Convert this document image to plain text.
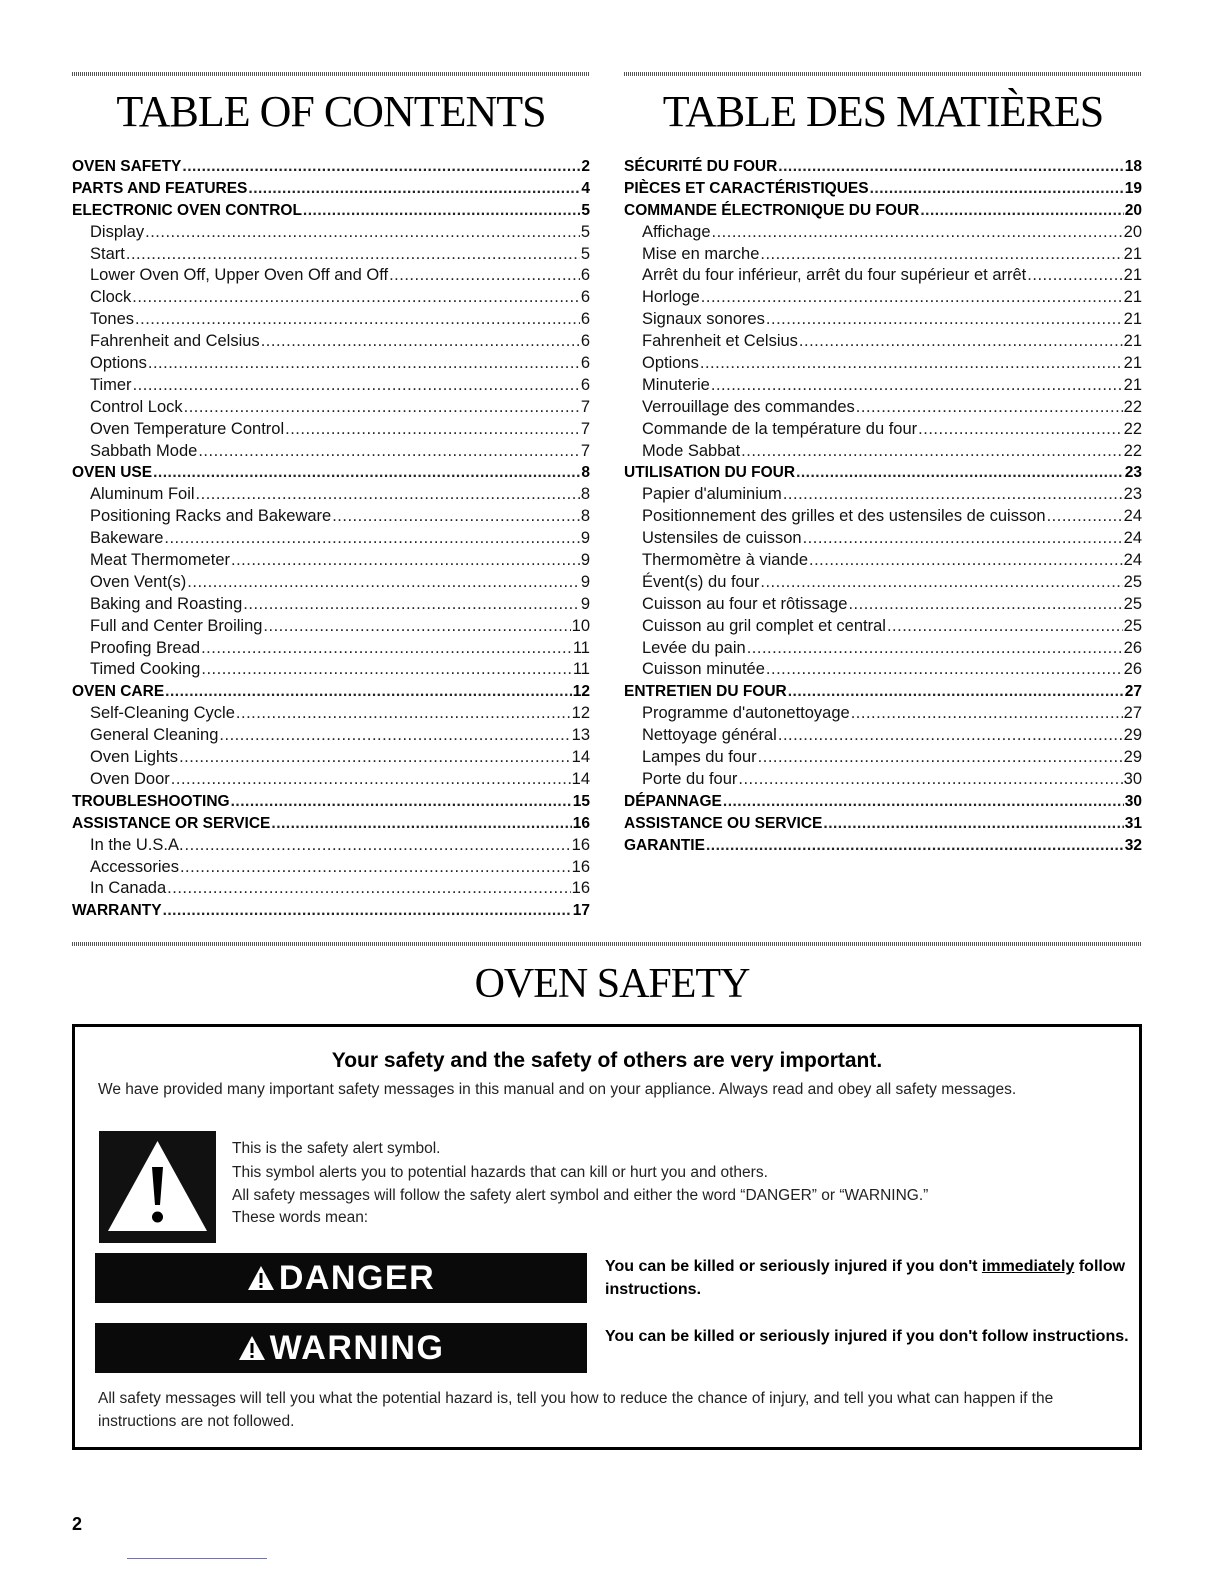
TABLE OF CONTENTS
OVEN SAFETY .....	2
PARTS AND FEATURES .....	4
ELECTRONIC OVEN CONTROL .....	5
Display .....	5
Start .....	5
Lower Oven Off, Upper Oven Off and Off .....	6
Clock .....	6
Tones .....	6
Fahrenheit and Celsius .....	6
Options .....	6
Timer .....	6
Control Lock .....	7
Oven Temperature Control .....	7
Sabbath Mode .....	7
OVEN USE .....	8
Aluminum Foil .....	8
Positioning Racks and Bakeware .....	8
Bakeware .....	9
Meat Thermometer .....	9
Oven Vent(s) .....	9
Baking and Roasting .....	9
Full and Center Broiling .....	10
Proofing Bread .....	11
Timed Cooking .....	11
OVEN CARE .....	12
Self-Cleaning Cycle .....	12
General Cleaning .....	13
Oven Lights .....	14
Oven Door .....	14
TROUBLESHOOTING .....	15
ASSISTANCE OR SERVICE .....	16
In the U.S.A. .....	16
Accessories .....	16
In Canada .....	16
WARRANTY .....	17
TABLE DES MATIÈRES
SÉCURITÉ DU FOUR .....	18
PIÈCES ET CARACTÉRISTIQUES .....	19
COMMANDE ÉLECTRONIQUE DU FOUR .....	20
Affichage .....	20
Mise en marche .....	21
Arrêt du four inférieur, arrêt du four supérieur et arrêt .....	21
Horloge .....	21
Signaux sonores .....	21
Fahrenheit et Celsius .....	21
Options .....	21
Minuterie .....	21
Verrouillage des commandes .....	22
Commande de la température du four .....	22
Mode Sabbat .....	22
UTILISATION DU FOUR .....	23
Papier d'aluminium .....	23
Positionnement des grilles et des ustensiles de cuisson .....	24
Ustensiles de cuisson .....	24
Thermomètre à viande .....	24
Évent(s) du four .....	25
Cuisson au four et rôtissage .....	25
Cuisson au gril complet et central .....	25
Levée du pain .....	26
Cuisson minutée .....	26
ENTRETIEN DU FOUR .....	27
Programme d'autonettoyage .....	27
Nettoyage général .....	29
Lampes du four .....	29
Porte du four .....	30
DÉPANNAGE .....	30
ASSISTANCE OU SERVICE .....	31
GARANTIE .....	32
OVEN SAFETY

Your safety and the safety of others are very important.

We have provided many important safety messages in this manual and on your appliance. Always read and obey all safety messages.

This is the safety alert symbol.

This symbol alerts you to potential hazards that can kill or hurt you and others.

All safety messages will follow the safety alert symbol and either the word “DANGER” or “WARNING.”

These words mean:

DANGER	You can be killed or seriously injured if you don't immediately follow instructions.

WARNING	You can be killed or seriously injured if you don't follow instructions.

All safety messages will tell you what the potential hazard is, tell you how to reduce the chance of injury, and tell you what can happen if the instructions are not followed.

2
